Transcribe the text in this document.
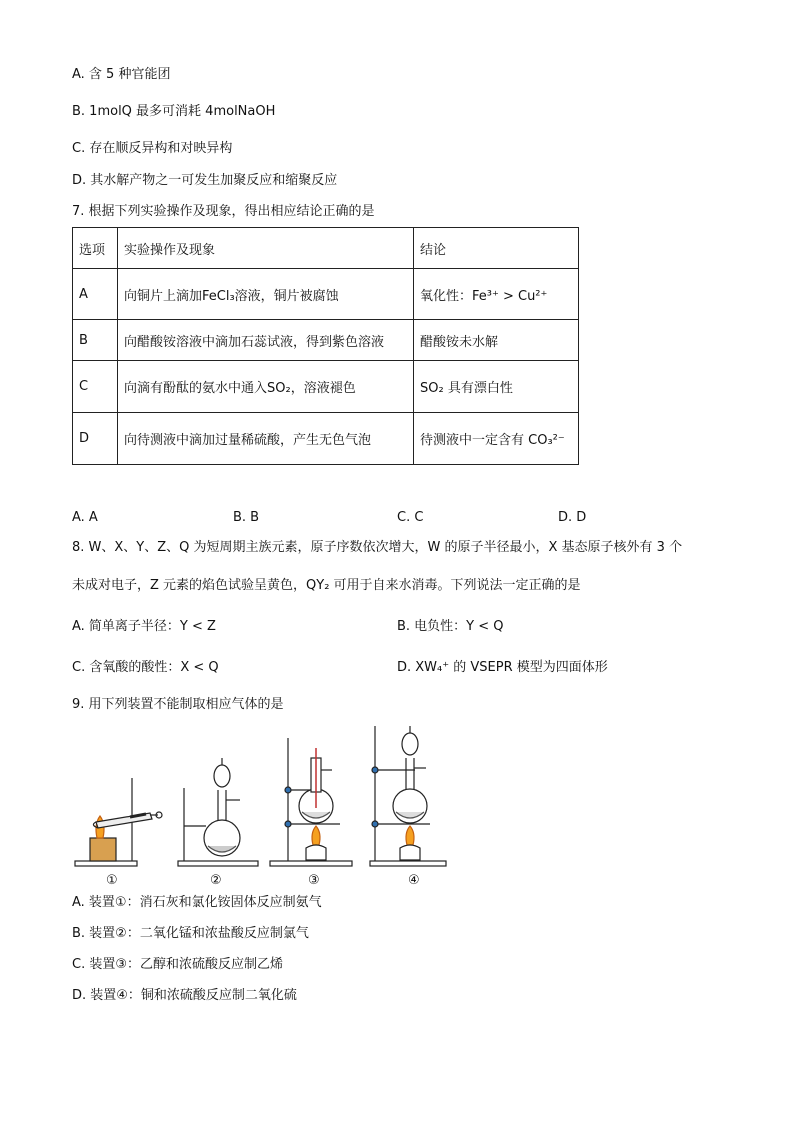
A. 含 5 种官能团
B. 1molQ 最多可消耗 4molNaOH
C. 存在顺反异构和对映异构
D. 其水解产物之一可发生加聚反应和缩聚反应
7. 根据下列实验操作及现象，得出相应结论正确的是
选项	实验操作及现象	结论
A	向铜片上滴加FeCl₃溶液，铜片被腐蚀	氧化性：Fe³⁺ > Cu²⁺
B	向醋酸铵溶液中滴加石蕊试液，得到紫色溶液	醋酸铵未水解
C	向滴有酚酞的氨水中通入SO₂，溶液褪色	SO₂ 具有漂白性
D	向待测液中滴加过量稀硫酸，产生无色气泡	待测液中一定含有 CO₃²⁻
A. A	B. B	C. C	D. D
8. W、X、Y、Z、Q 为短周期主族元素，原子序数依次增大，W 的原子半径最小，X 基态原子核外有 3 个
未成对电子，Z 元素的焰色试验呈黄色，QY₂ 可用于自来水消毒。下列说法一定正确的是
A. 简单离子半径：Y < Z	B. 电负性：Y < Q
C. 含氧酸的酸性：X < Q	D. XW₄⁺ 的 VSEPR 模型为四面体形
9. 用下列装置不能制取相应气体的是
①	②	③	④
A. 装置①：消石灰和氯化铵固体反应制氨气
B. 装置②：二氧化锰和浓盐酸反应制氯气
C. 装置③：乙醇和浓硫酸反应制乙烯
D. 装置④：铜和浓硫酸反应制二氧化硫
